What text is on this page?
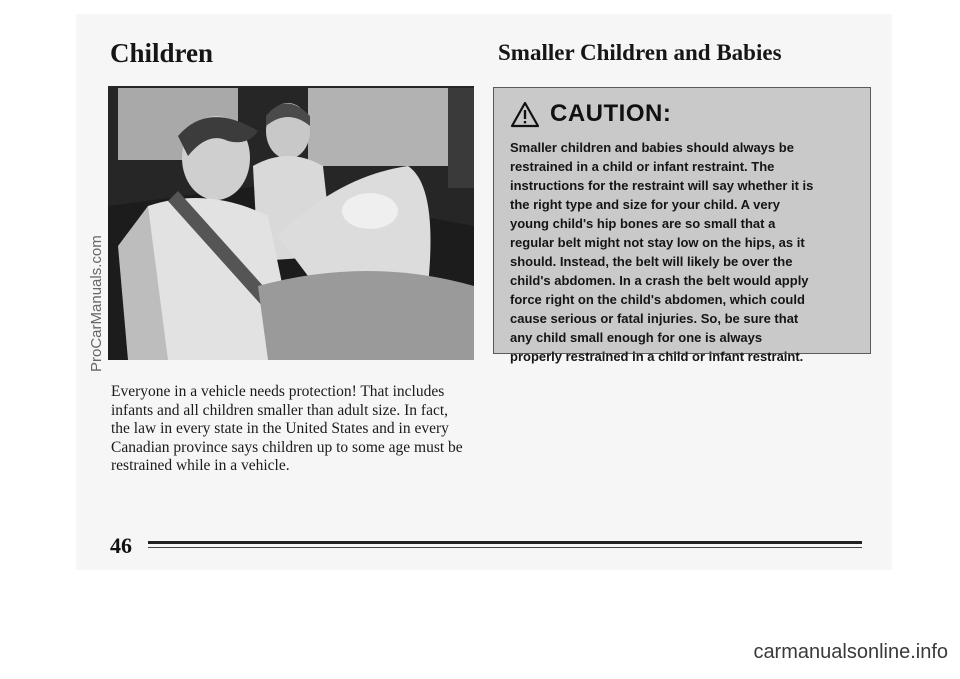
Children	Smaller Children and Babies
Everyone in a vehicle needs protection! That includes
infants and all children smaller than adult size. In fact,
the law in every state in the United States and in every
Canadian province says children up to some age must be
restrained while in a vehicle.
CAUTION:
Smaller children and babies should always be
restrained in a child or infant restraint. The
instructions for the restraint will say whether it is
the right type and size for your child. A very
young child's hip bones are so small that a
regular belt might not stay low on the hips, as it
should. Instead, the belt will likely be over the
child's abdomen. In a crash the belt would apply
force right on the child's abdomen, which could
cause serious or fatal injuries. So, be sure that
any child small enough for one is always
properly restrained in a child or infant restraint.
46
ProCarManuals.com
carmanualsonline.info
